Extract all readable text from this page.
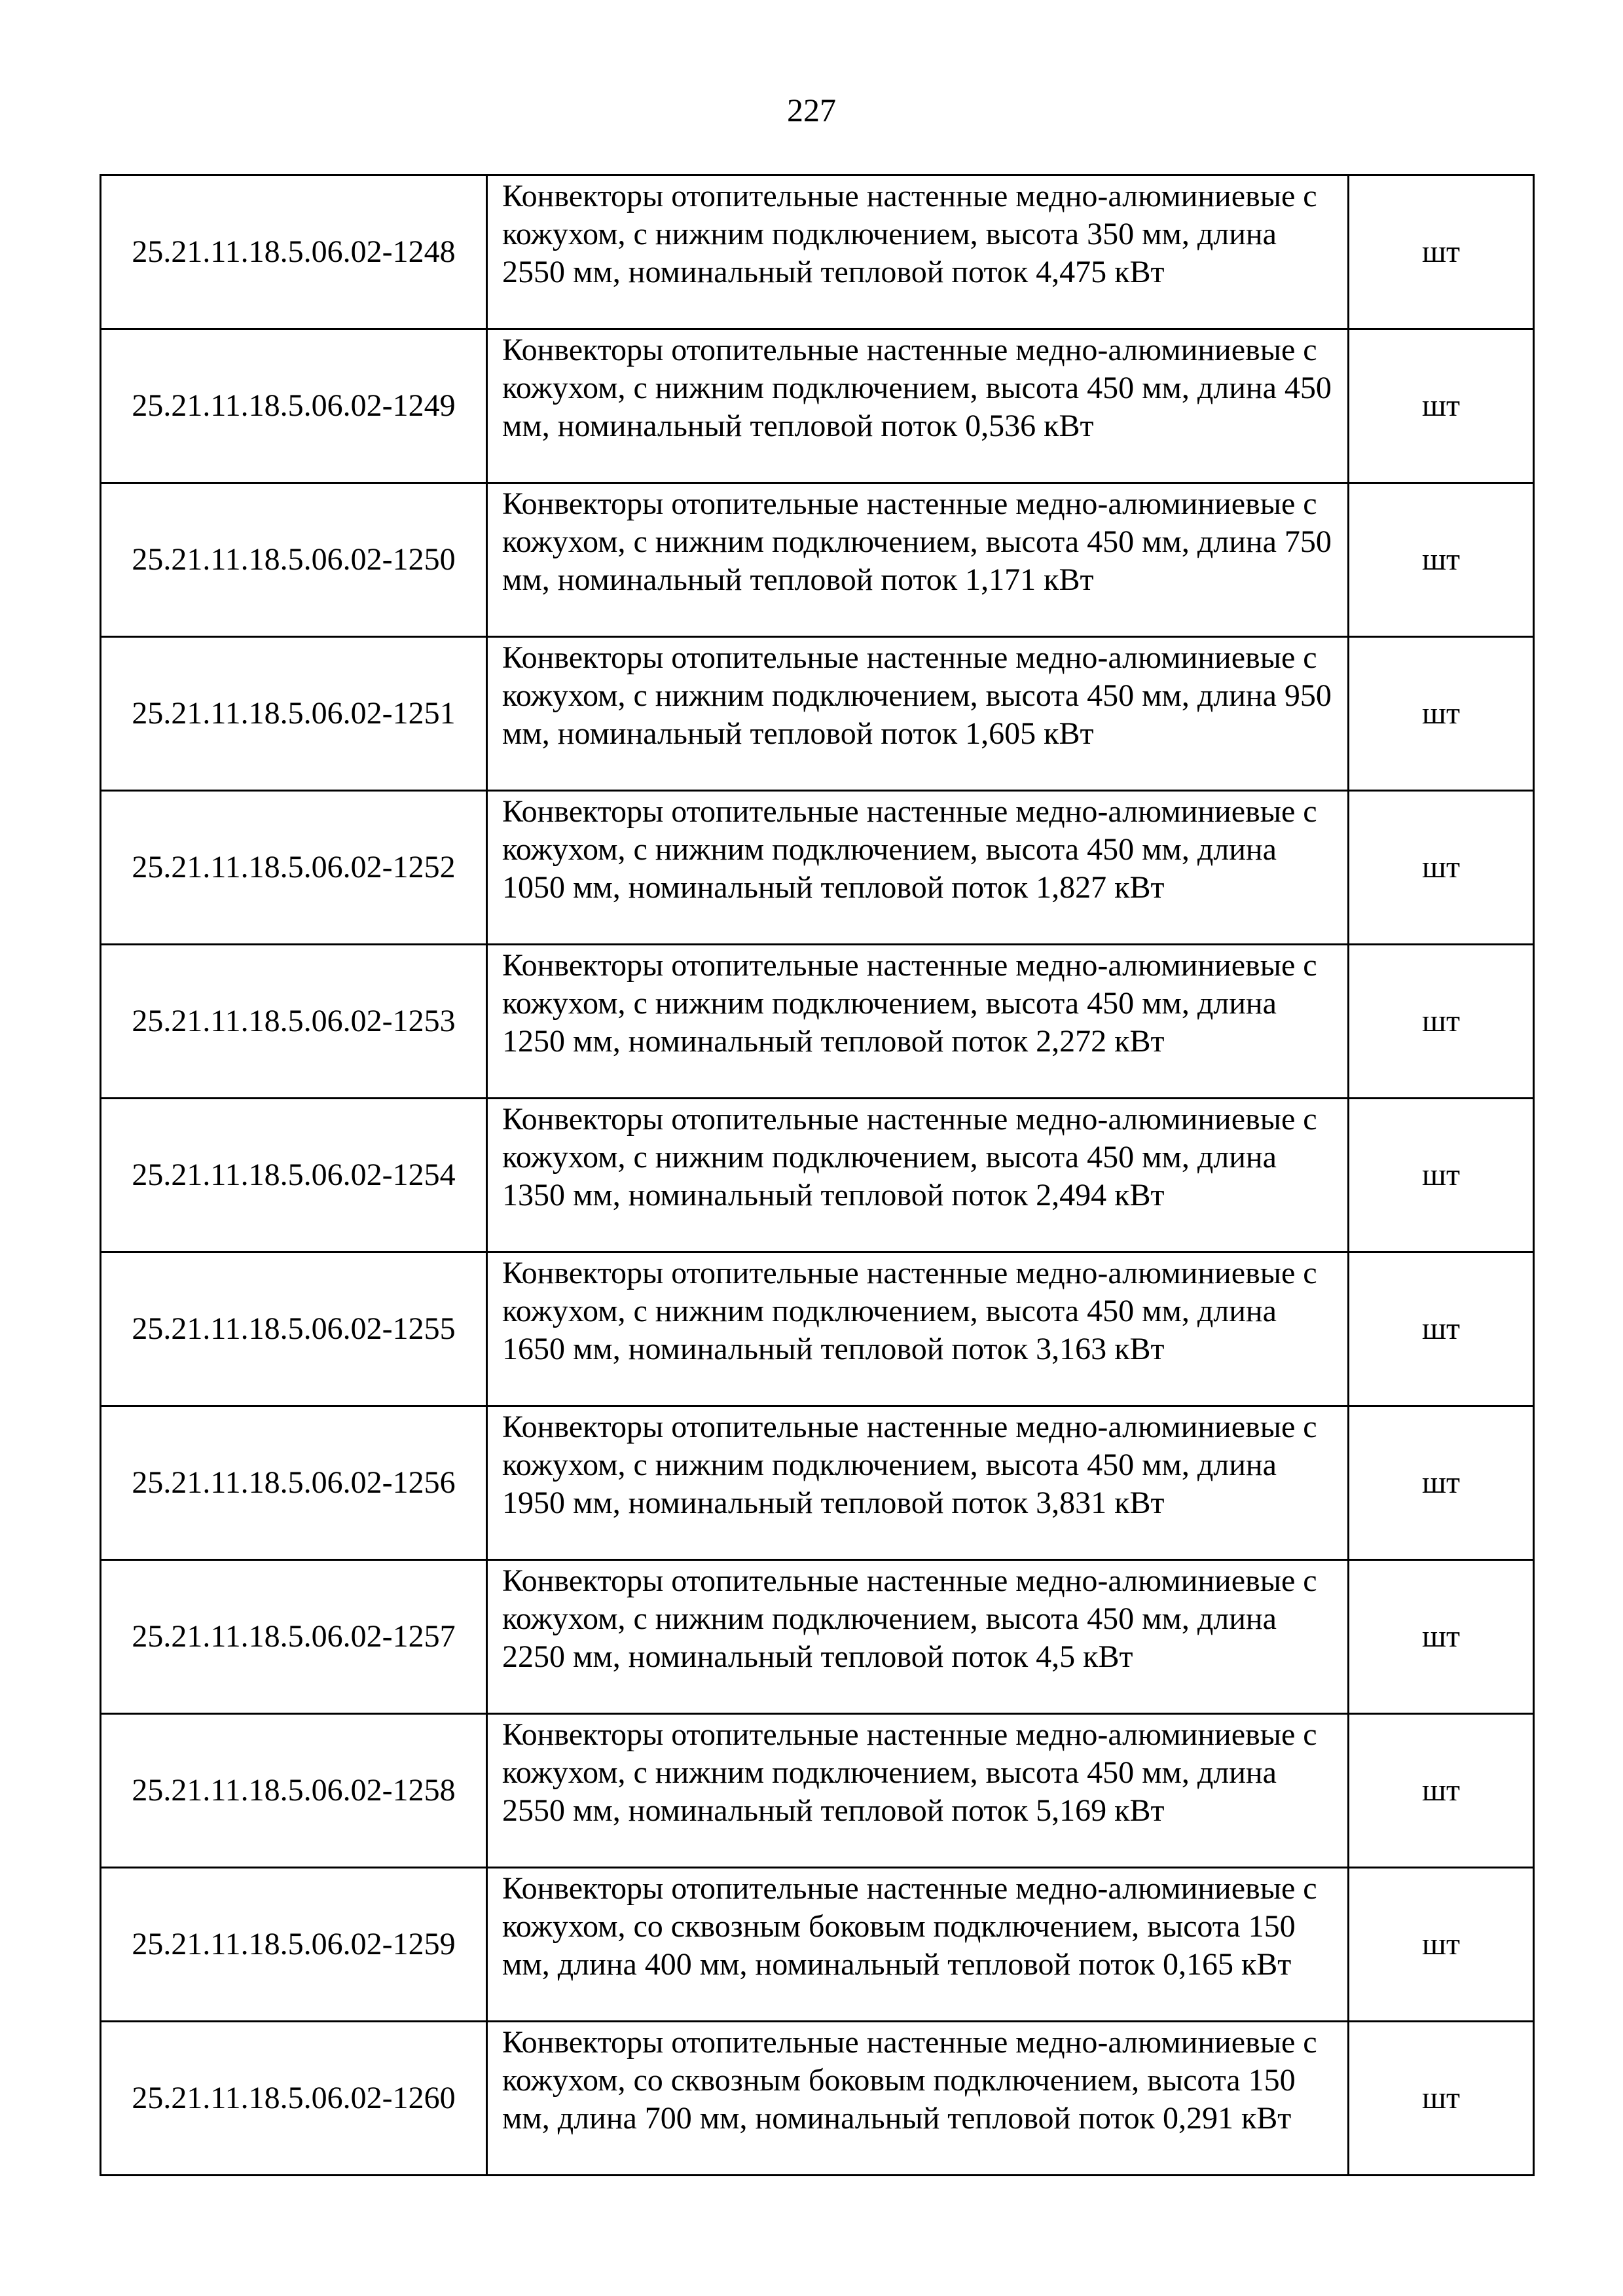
227
25.21.11.18.5.06.02-1248	Конвекторы отопительные настенные медно-алюминиевые с кожухом, с нижним подключением, высота 350 мм, длина 2550 мм, номинальный тепловой поток 4,475 кВт	шт
25.21.11.18.5.06.02-1249	Конвекторы отопительные настенные медно-алюминиевые с кожухом, с нижним подключением, высота 450 мм, длина 450 мм, номинальный тепловой поток 0,536 кВт	шт
25.21.11.18.5.06.02-1250	Конвекторы отопительные настенные медно-алюминиевые с кожухом, с нижним подключением, высота 450 мм, длина 750 мм, номинальный тепловой поток 1,171 кВт	шт
25.21.11.18.5.06.02-1251	Конвекторы отопительные настенные медно-алюминиевые с кожухом, с нижним подключением, высота 450 мм, длина 950 мм, номинальный тепловой поток 1,605 кВт	шт
25.21.11.18.5.06.02-1252	Конвекторы отопительные настенные медно-алюминиевые с кожухом, с нижним подключением, высота 450 мм, длина 1050 мм, номинальный тепловой поток 1,827 кВт	шт
25.21.11.18.5.06.02-1253	Конвекторы отопительные настенные медно-алюминиевые с кожухом, с нижним подключением, высота 450 мм, длина 1250 мм, номинальный тепловой поток 2,272 кВт	шт
25.21.11.18.5.06.02-1254	Конвекторы отопительные настенные медно-алюминиевые с кожухом, с нижним подключением, высота 450 мм, длина 1350 мм, номинальный тепловой поток 2,494 кВт	шт
25.21.11.18.5.06.02-1255	Конвекторы отопительные настенные медно-алюминиевые с кожухом, с нижним подключением, высота 450 мм, длина 1650 мм, номинальный тепловой поток 3,163 кВт	шт
25.21.11.18.5.06.02-1256	Конвекторы отопительные настенные медно-алюминиевые с кожухом, с нижним подключением, высота 450 мм, длина 1950 мм, номинальный тепловой поток 3,831 кВт	шт
25.21.11.18.5.06.02-1257	Конвекторы отопительные настенные медно-алюминиевые с кожухом, с нижним подключением, высота 450 мм, длина 2250 мм, номинальный тепловой поток 4,5 кВт	шт
25.21.11.18.5.06.02-1258	Конвекторы отопительные настенные медно-алюминиевые с кожухом, с нижним подключением, высота 450 мм, длина 2550 мм, номинальный тепловой поток 5,169 кВт	шт
25.21.11.18.5.06.02-1259	Конвекторы отопительные настенные медно-алюминиевые с кожухом, со сквозным боковым подключением, высота 150 мм, длина 400 мм, номинальный тепловой поток 0,165 кВт	шт
25.21.11.18.5.06.02-1260	Конвекторы отопительные настенные медно-алюминиевые с кожухом, со сквозным боковым подключением, высота 150 мм, длина 700 мм, номинальный тепловой поток 0,291 кВт	шт
